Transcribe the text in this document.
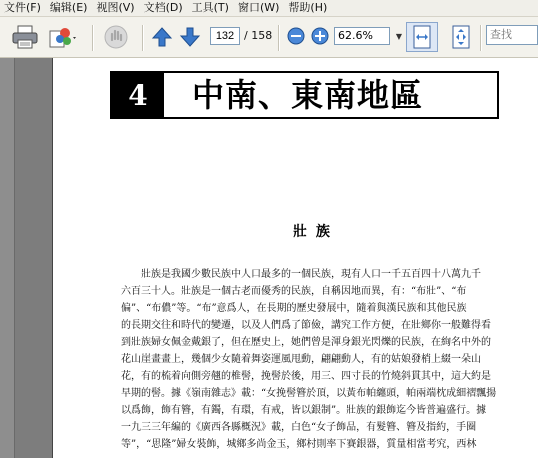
文件(F) 编辑(E) 视图(V) 文档(D) 工具(T) 窗口(W) 帮助(H)
132
/ 158	62.6%	▼
查找
4	中南、東南地區
壯 族
壯族是我國少數民族中人口最多的一個民族，現有人口一千五百四十八萬九千
六百三十人。壯族是一個古老而優秀的民族，自稱因地而異，有：“布壯”、“布
偏”、“布儂”等。“布”意爲人，在長期的歷史發展中，隨着與漢民族和其他民族
的長期交往和時代的變遷，以及人們爲了節儉，講究工作方便，在壯鄉你一般難得看
到壯族婦女佩金戴銀了，但在歷史上，她們曾是渾身銀光閃爍的民族，在絢名中外的
花山崖畫畫上，幾個少女隨着舞姿運風甩動，翩翩動人，有的姑娘發梢上綴一朵山
花，有的梳着向側旁翹的椎髻，挽髻於後，用三、四寸長的竹燒斜貫其中，這大約是
早期的髻。據《嶺南雜志》載：“女挽髻簪於頂，以黃布帕纏頭，帕兩端枕成細褶飄揚
以爲飾，飾有簪，有鐲，有環，有戒，皆以銀制”。壯族的銀飾迄今皆普遍盛行。據
一九三三年編的《廣西各縣概況》載，白色“女子飾品，有髮簪、簪及指約，手圈
等”，“思隆”婦女裝飾，城鄉多尚金玉，鄉村則率下賽銀器，質量相當考究，西林
